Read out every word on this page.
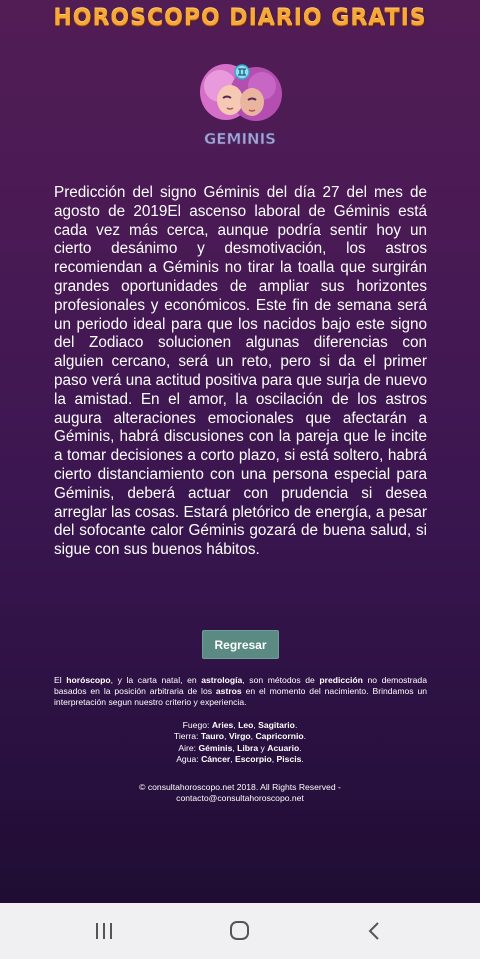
HOROSCOPO DIARIO GRATIS
GEMINIS
Predicción del signo Géminis del día 27 del mes de agosto de 2019El ascenso laboral de Géminis está cada vez más cerca, aunque podría sentir hoy un cierto desánimo y desmotivación, los astros recomiendan a Géminis no tirar la toalla que surgirán grandes oportunidades de ampliar sus horizontes profesionales y económicos. Este fin de semana será un periodo ideal para que los nacidos bajo este signo del Zodiaco solucionen algunas diferencias con alguien cercano, será un reto, pero si da el primer paso verá una actitud positiva para que surja de nuevo la amistad. En el amor, la oscilación de los astros augura alteraciones emocionales que afectarán a Géminis, habrá discusiones con la pareja que le incite a tomar decisiones a corto plazo, si está soltero, habrá cierto distanciamiento con una persona especial para Géminis, deberá actuar con prudencia si desea arreglar las cosas. Estará pletórico de energía, a pesar del sofocante calor Géminis gozará de buena salud, si sigue con sus buenos hábitos.
Regresar
El horóscopo, y la carta natal, en astrología, son métodos de predicción no demostrada basados en la posición arbitraria de los astros en el momento del nacimiento. Brindamos un interpretación segun nuestro criterio y experiencia.
Fuego: Aries, Leo, Sagitario.
Tierra: Tauro, Virgo, Capricornio.
Aire: Géminis, Libra y Acuario.
Agua: Cáncer, Escorpio, Piscis.
© consultahoroscopo.net 2018. All Rights Reserved -
contacto@consultahoroscopo.net
